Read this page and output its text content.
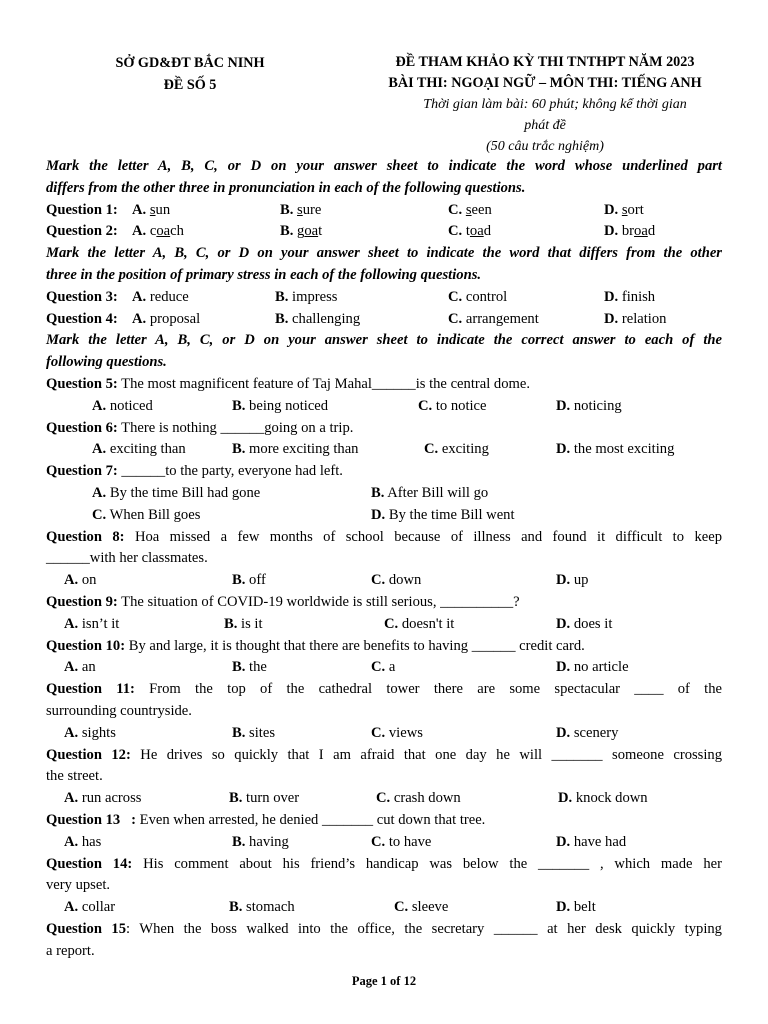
SỞ GD&ĐT BẮC NINH
ĐỀ SỐ 5
ĐỀ THAM KHẢO KỲ THI TNTHPT NĂM 2023
BÀI THI: NGOẠI NGỮ – MÔN THI: TIẾNG ANH
Thời gian làm bài: 60 phút; không kể thời gian
phát đề
(50 câu trắc nghiệm)
Mark the letter A, B, C, or D on your answer sheet to indicate the word whose underlined part
differs from the other three in pronunciation in each of the following questions.
Question 1: A. sun	B. sure	C. seen	D. sort
Question 2: A. coach	B. goat	C. toad	D. broad
Mark the letter A, B, C, or D on your answer sheet to indicate the word that differs from the other
three in the position of primary stress in each of the following questions.
Question 3: A. reduce	B. impress	C. control	D. finish
Question 4: A. proposal	B. challenging	C. arrangement	D. relation
Mark the letter A, B, C, or D on your answer sheet to indicate the correct answer to each of the
following questions.
Question 5: The most magnificent feature of Taj Mahal______is the central dome.
A. noticed	B. being noticed	C. to notice	D. noticing
Question 6: There is nothing ______going on a trip.
A. exciting than	B. more exciting than	C. exciting	D. the most exciting
Question 7: ______to the party, everyone had left.
A. By the time Bill had gone	B. After Bill will go
C. When Bill goes	D. By the time Bill went
Question 8: Hoa missed a few months of school because of illness and found it difficult to keep
______with her classmates.
A. on	B. off	C. down	D. up
Question 9: The situation of COVID-19 worldwide is still serious, __________?
A. isn’t it	B. is it	C. doesn't it	D. does it
Question 10: By and large, it is thought that there are benefits to having ______ credit card.
A. an	B. the	C. a	D. no article
Question 11: From the top of the cathedral tower there are some spectacular ____ of the
surrounding countryside.
A. sights	B. sites	C. views	D. scenery
Question 12: He drives so quickly that I am afraid that one day he will _______ someone crossing
the street.
A. run across	B. turn over	C. crash down	D. knock down
Question 13   : Even when arrested, he denied _______ cut down that tree.
A. has	B. having	C. to have	D. have had
Question 14: His comment about his friend’s handicap was below the _______ , which made her
very upset.
A. collar	B. stomach	C. sleeve	D. belt
Question 15: When the boss walked into the office, the secretary ______ at her desk quickly typing
a report.
Page 1 of 12
